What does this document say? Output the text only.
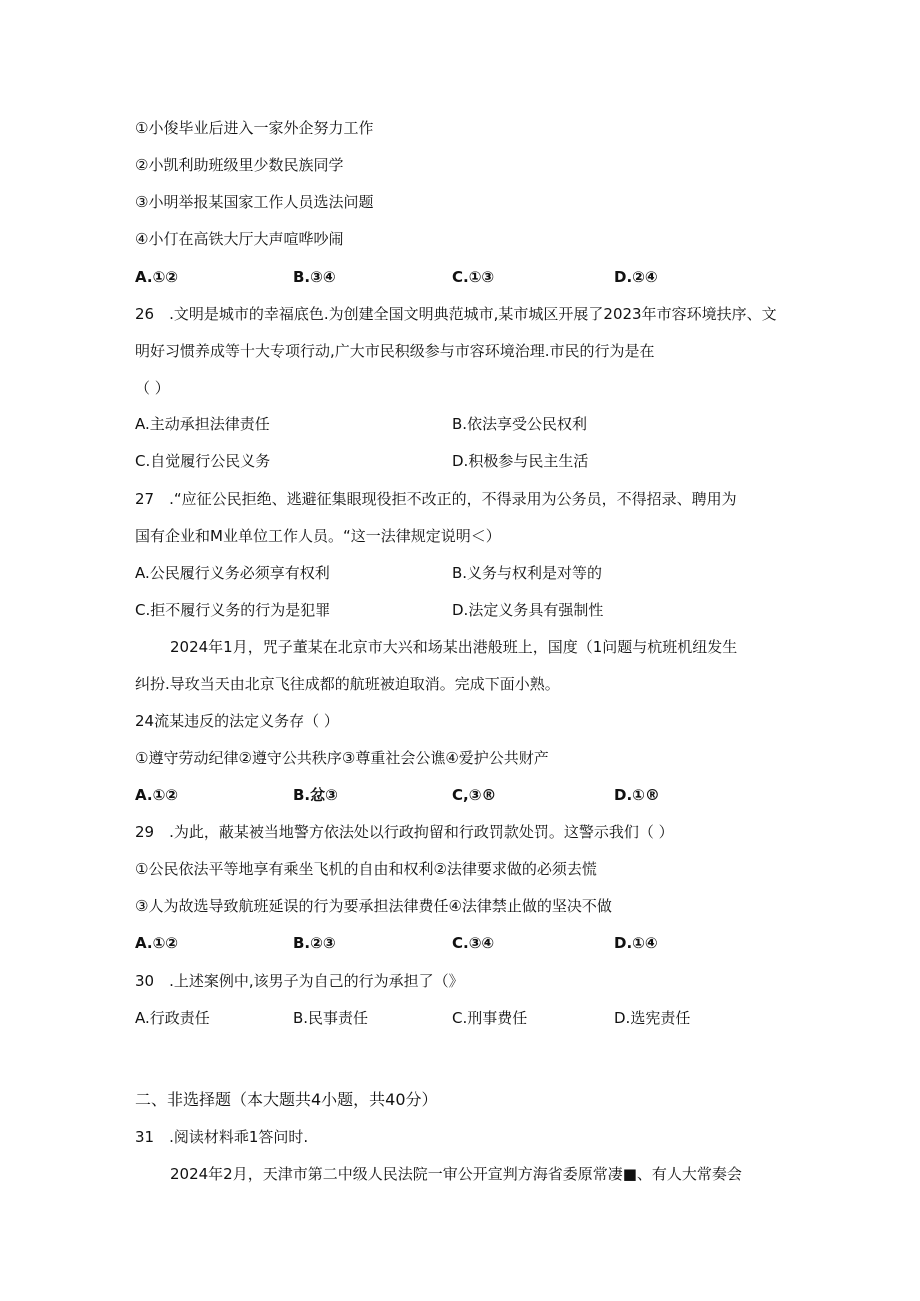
①小俊毕业后进入一家外企努力工作
②小凯利助班级里少数民族同学
③小明举报某国家工作人员选法问题
④小仃在高铁大厅大声喧哗吵闹
A.①②	B.③④	C.①③	D.②④
26　.文明是城市的幸福底色.为创建全国文明典范城市,某市城区开展了2023年市容环境扶序、文
明好习惯养成等十大专项行动,广大市民积级参与市容环境治理.市民的行为是在
（ ）
A.主动承担法律责任	B.依法享受公民权利
C.自觉履行公民义务	D.积极参与民主生活
27　.“应征公民拒绝、逃避征集眼现役拒不改正的，不得录用为公务员，不得招录、聘用为
国有企业和M业单位工作人员。“这一法律规定说明＜）
A.公民履行义务必须享有权利	B.义务与权利是对等的
C.拒不履行义务的行为是犯罪	D.法定义务具有强制性
2024年1月，咒子董某在北京市大兴和场某出港般班上，国度（1问题与杭班机纽发生
纠扮.导玫当天由北京飞往成都的航班被迫取消。完成下面小熟。
24流某违反的法定义务存（ ）
①遵守劳动纪律②遵守公共秩序③尊重社会公谯④爱护公共财产
A.①②	B.忿③	C,③®	D.①®
29　.为此，蔽某被当地警方依法处以行政拘留和行政罚款处罚。这警示我们（ ）
①公民依法平等地享有乘坐飞机的自由和权利②法律要求做的必须去慌
③人为故选导致航班延误的行为要承担法律费任④法律禁止做的坚决不做
A.①②	B.②③	C.③④	D.①④
30　.上述案例中,该男子为自己的行为承担了（》
A.行政责任	B.民事责任	C.刑事费任	D.选宪责任
二、非选择题（本大题共4小题，共40分）
31　.阅读材料乖1答问时.
2024年2月，天津市第二中级人民法院一审公开宣判方海省委原常凄■、有人大常奏会
